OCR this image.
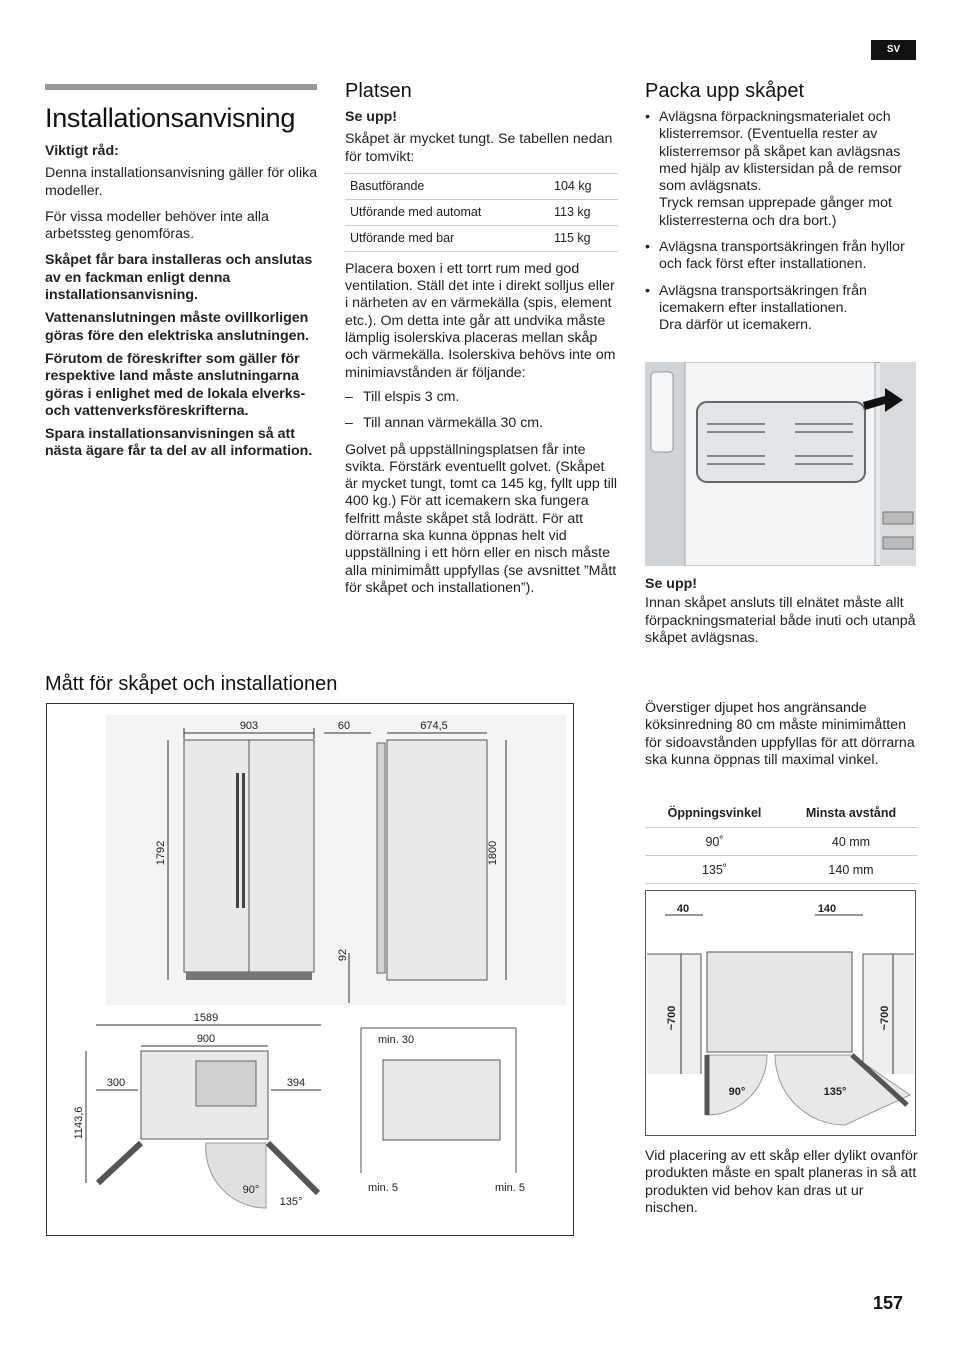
SV
Installationsanvisning

Viktigt råd:

Denna installationsanvisning gäller för olika modeller.

För vissa modeller behöver inte alla arbetssteg genomföras.

Skåpet får bara installeras och anslutas av en fackman enligt denna installationsanvisning.

Vattenanslutningen måste ovillkorligen göras före den elektriska anslutningen.

Förutom de föreskrifter som gäller för respektive land måste anslutningarna göras i enlighet med de lokala elverks- och vattenverksföreskrifterna.

Spara installationsanvisningen så att nästa ägare får ta del av all information.

Platsen

Se upp!

Skåpet är mycket tungt. Se tabellen nedan för tomvikt:

Basutförande	104 kg
Utförande med automat	113 kg
Utförande med bar	115 kg

Placera boxen i ett torrt rum med god ventilation. Ställ det inte i direkt solljus eller i närheten av en värmekälla (spis, element etc.). Om detta inte går att undvika måste lämplig isolerskiva placeras mellan skåp och värmekälla. Isolerskiva behövs inte om minimiavstånden är följande:

– Till elspis 3 cm.
– Till annan värmekälla 30 cm.

Golvet på uppställningsplatsen får inte svikta. Förstärk eventuellt golvet. (Skåpet är mycket tungt, tomt ca 145 kg, fyllt upp till 400 kg.) För att icemakern ska fungera felfritt måste skåpet stå lodrätt. För att dörrarna ska kunna öppnas helt vid uppställning i ett hörn eller en nisch måste alla minimimått uppfyllas (se avsnittet ”Mått för skåpet och installationen”).

Packa upp skåpet
• Avlägsna förpackningsmaterialet och klisterremsor. (Eventuella rester av klisterremsor på skåpet kan avlägsnas med hjälp av klistersidan på de remsor som avlägsnats.
Tryck remsan upprepade gånger mot klisterresterna och dra bort.)
• Avlägsna transportsäkringen från hyllor och fack först efter installationen.
• Avlägsna transportsäkringen från icemakern efter installationen.
Dra därför ut icemakern.

Se upp!

Innan skåpet ansluts till elnätet måste allt förpackningsmaterial både inuti och utanpå skåpet avlägsnas.

Mått för skåpet och installationen
903
1792
92
60	674,5
1800
1589
900
300	394
1143,6
90°
135°
min. 30
min. 5	min. 5

Överstiger djupet hos angränsande köksinredning 80 cm måste minimimåtten för sidoavstånden uppfyllas för att dörrarna ska kunna öppnas till maximal vinkel.

Öppningsvinkel	Minsta avstånd
90˚	40 mm
135˚	140 mm
40	140
~700	~700
90°	135°

Vid placering av ett skåp eller dylikt ovanför produkten måste en spalt planeras in så att produkten vid behov kan dras ut ur nischen.

157
